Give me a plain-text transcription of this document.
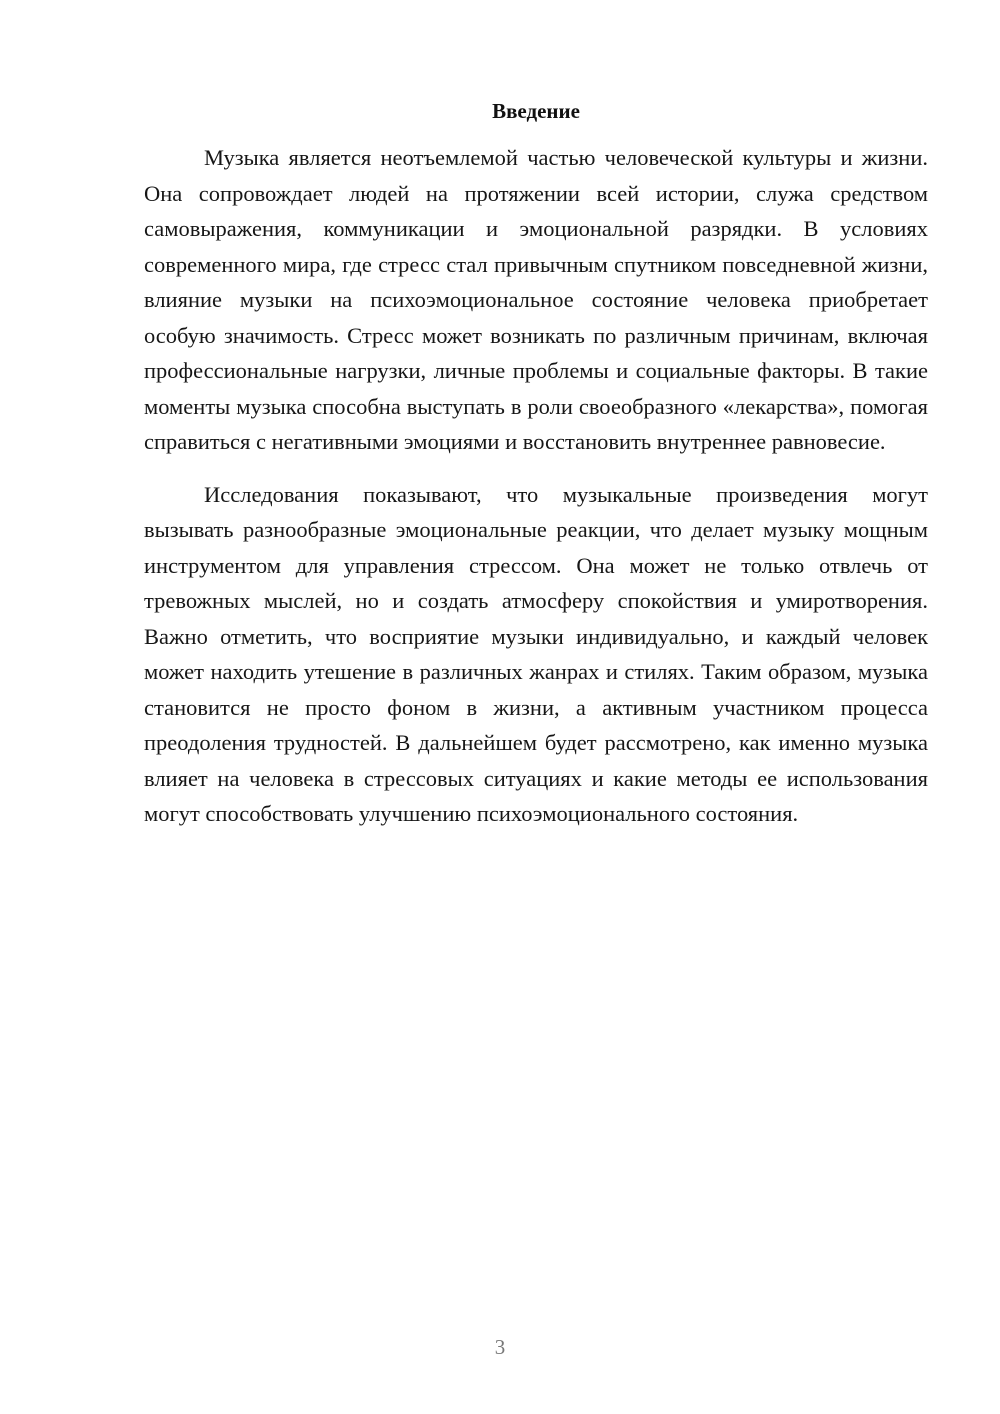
Введение

Музыка является неотъемлемой частью человеческой культуры и жизни. Она сопровождает людей на протяжении всей истории, служа средством самовыражения, коммуникации и эмоциональной разрядки. В условиях современного мира, где стресс стал привычным спутником повседневной жизни, влияние музыки на психоэмоциональное состояние человека приобретает особую значимость. Стресс может возникать по различным причинам, включая профессиональные нагрузки, личные проблемы и социальные факторы. В такие моменты музыка способна выступать в роли своеобразного «лекарства», помогая справиться с негативными эмоциями и восстановить внутреннее равновесие.

Исследования показывают, что музыкальные произведения могут вызывать разнообразные эмоциональные реакции, что делает музыку мощным инструментом для управления стрессом. Она может не только отвлечь от тревожных мыслей, но и создать атмосферу спокойствия и умиротворения. Важно отметить, что восприятие музыки индивидуально, и каждый человек может находить утешение в различных жанрах и стилях. Таким образом, музыка становится не просто фоном в жизни, а активным участником процесса преодоления трудностей. В дальнейшем будет рассмотрено, как именно музыка влияет на человека в стрессовых ситуациях и какие методы ее использования могут способствовать улучшению психоэмоционального состояния.

3
